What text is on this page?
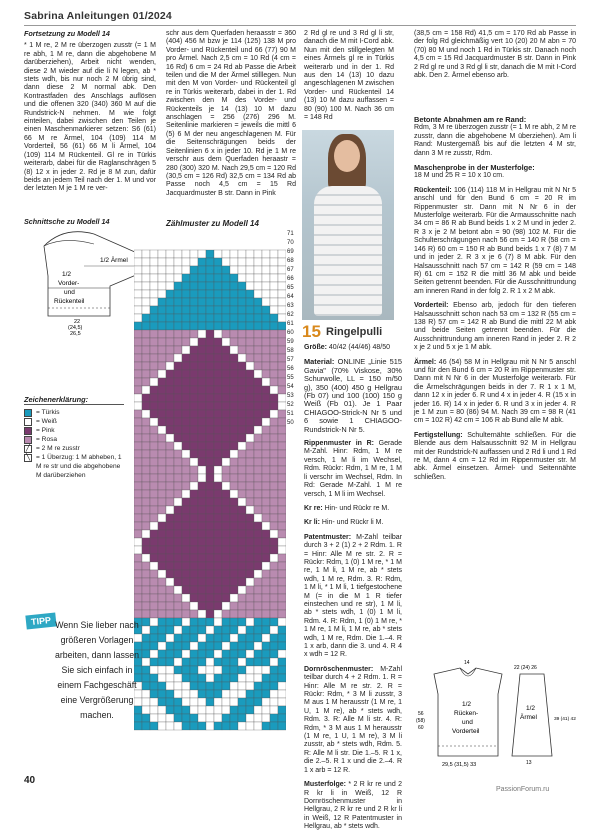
Sabrina Anleitungen 01/2024

Fortsetzung zu Modell 14

* 1 M re, 2 M re überzogen zusstr (= 1 M re abh, 1 M re, dann die abgehobene M darüberziehen), Arbeit nicht wenden, diese 2 M wieder auf die li N legen, ab * stets wdh, bis nur noch 2 M übrig sind, dann diese 2 M normal abk. Den Kontrastfaden des Anschlags auflösen und die offenen 320 (340) 360 M auf die Rundstrick-N nehmen. M wie folgt einteilen, dabei zwischen den Teilen je einen Maschenmarkierer setzen: S6 (61) 66 M re Ärmel, 104 (109) 114 M Vorderteil, 56 (61) 66 M li Ärmel, 104 (109) 114 M Rückenteil. Gl re in Türkis weiterarb, dabei für die Raglanschrägen 5 (8) 12 x in jeder 2. Rd je 8 M zun, dafür beids an jedem Teil nach der 1. M und vor der letzten M je 1 M re ver-

schr aus dem Querfaden heraasstr = 360 (404) 456 M bzw je 114 (125) 138 M pro Vorder- und Rückenteil und 66 (77) 90 M pro Ärmel. Nach 2,5 cm = 10 Rd (4 cm = 16 Rd) 6 cm = 24 Rd ab Passe die Arbeit teilen und die M der Ärmel stilllegen. Nun mit den M von Vorder- und Rückenteil gl re in Türkis weiterarb, dabei in der 1. Rd zwischen den M des Vorder- und Rückenteils je 14 (13) 10 M dazu anschlagen = 256 (276) 296 M. Seitenlinie markieren = jeweils die mittl 6 (5) 6 M der neu angeschlagenen M. Für die Seitenschrägungen beids der Seitenlinien 6 x in jeder 10. Rd je 1 M re verschr aus dem Querfaden heraastr = 280 (300) 320 M. Nach 29,5 cm = 120 Rd (30,5 cm = 126 Rd) 32,5 cm = 134 Rd ab Passe noch 4,5 cm = 15 Rd Jacquardmuster B str. Dann in Pink

2 Rd gl re und 3 Rd gl li str, danach die M mit I-Cord abk. Nun mit den stillgelegten M eines Ärmels gl re in Türkis weiterarb und in der 1. Rd aus den 14 (13) 10 dazu angeschlagenen M zwischen Vorder- und Rückenteil 14 (13) 10 M dazu auffassen = 80 (90) 100 M. Nach 36 cm = 148 Rd

(38,5 cm = 158 Rd) 41,5 cm = 170 Rd ab Passe in der folg Rd gleichmäßig vert 10 (20) 20 M abn = 70 (70) 80 M und noch 1 Rd in Türkis str. Danach noch 4,5 cm = 15 Rd Jacquardmuster B str. Dann in Pink 2 Rd gl re und 3 Rd gl li str, danach die M mit I-Cord abk. Den 2. Ärmel ebenso arb.

Schnittsche zu Modell 14
1/2
Vorder-
und
Rückenteil
1/2 Ärmel
22
(24,5)
26,5
Zeichenerklärung:
= Türkis
= Weiß
= Pink
= Rosa
╱ = 2 M re zusstr
╲ = 1 Überzug: 1 M abheben, 1 M re str und die abgehobene M darüberziehen
Zählmuster zu Modell 14
71
70
69
68
67
66
65
64
63
62
61
60
59
58
57
56
55
54
53
52
51
50
TIPP Wenn Sie lieber nach größeren Vorlagen arbeiten, dann lassen Sie sich einfach in einem Fachgeschäft eine Vergrößerung machen.
15 Ringelpulli

Größe: 40/42 (44/46) 48/50

Material: ONLINE „Linie 515 Gavia" (70% Viskose, 30% Schurwolle, LL = 150 m/50 g), 350 (400) 450 g Hellgrau (Fb 07) und 100 (100) 150 g Weiß (Fb 01). Je 1 Paar CHIAGOO-Strick-N Nr 5 und 6 sowie 1 CHIAGOO-Rundstrick-N Nr 5.

Rippenmuster in R: Gerade M-Zahl. Hinr: Rdm, 1 M re versch, 1 M li im Wechsel, Rdm. Rückr: Rdm, 1 M re, 1 M li verschr im Wechsel, Rdm. In Rd: Gerade M-Zahl. 1 M re versch, 1 M li im Wechsel.

Kr re: Hin- und Rückr re M.

Kr li: Hin- und Rückr li M.

Patentmuster: M-Zahl teilbar durch 3 + 2 (1) 2 + 2 Rdm. 1. R = Hinr: Alle M re str. 2. R = Rückr: Rdm, 1 (0) 1 M re, * 1 M re, 1 M li, 1 M re, ab * stets wdh, 1 M re, Rdm. 3. R: Rdm, 1 M li, * 1 M li, 1 tiefgestochene M (= in die M 1 R tiefer einstechen und re str), 1 M li, ab * stets wdh, 1 (0) 1 M li, Rdm. 4. R: Rdm, 1 (0) 1 M re, * 1 M re, 1 M li, 1 M re, ab * stets wdh, 1 M re, Rdm. Die 1.–4. R 1 x arb, dann die 3. und 4. R 4 x wdh = 12 R.

Dornröschenmuster: M-Zahl teilbar durch 4 + 2 Rdm. 1. R = Hinr: Alle M re str. 2. R = Rückr: Rdm, * 3 M li zusstr, 3 M aus 1 M herausstr (1 M re, 1 U, 1 M re), ab * stets wdh, Rdm. 3. R: Alle M li str. 4. R: Rdm, * 3 M aus 1 M herausstr (1 M re, 1 U, 1 M re), 3 M li zusstr, ab * stets wdh, Rdm. 5. R: Alle M li str. Die 1.–5. R 1 x, die 2.–5. R 1 x und die 2.–4. R 1 x arb = 12 R.

Musterfolge: * 2 R kr re und 2 R kr li in Weiß, 12 R Dornröschenmuster in Hellgrau, 2 R kr re und 2 R kr li in Weiß, 12 R Patentmuster in Hellgrau, ab * stets wdh.

Betonte Abnahmen am re Rand:

Rdm, 3 M re überzogen zusstr (= 1 M re abh, 2 M re zusstr, dann die abgehobene M überziehen). Am li Rand: Mustergemäß bis auf die letzten 4 M str, dann 3 M re zusstr, Rdm.

Maschenprobe in der Musterfolge:

18 M und 25 R = 10 x 10 cm.

Rückenteil: 106 (114) 118 M in Hellgrau mit N Nr 5 anschl und für den Bund 6 cm = 20 R im Rippenmuster str. Dann mit N Nr 6 in der Musterfolge weiterarb. Für die Armausschnitte nach 34 cm = 86 R ab Bund beids 1 x 2 M und in jeder 2. R 3 x je 2 M betont abn = 90 (98) 102 M. Für die Schulterschrägungen nach 56 cm = 140 R (58 cm = 146 R) 60 cm = 150 R ab Bund beids 1 x 7 (8) 7 M und in jeder 2. R 3 x je 6 (7) 8 M abk. Für den Halsausschnitt nach 57 cm = 142 R (59 cm = 148 R) 61 cm = 152 R die mittl 36 M abk und beide Seiten getrennt beenden. Für die Ausschnittrundung am inneren Rand in der folg 2. R 1 x 2 M abk.

Vorderteil: Ebenso arb, jedoch für den tieferen Halsausschnitt schon nach 53 cm = 132 R (55 cm = 138 R) 57 cm = 142 R ab Bund die mittl 22 M abk und beide Seiten getrennt beenden. Für die Ausschnittrundung am inneren Rand in jeder 2. R 2 x je 2 und 5 x je 1 M abk.

Ärmel: 46 (54) 58 M in Hellgrau mit N Nr 5 anschl und für den Bund 6 cm = 20 R im Rippenmuster str. Dann mit N Nr 6 in der Musterfolge weiterarb. Für die Ärmelschrägungen beids in der 7. R 1 x 1 M, dann 12 x in jeder 6. R und 4 x in jeder 4. R (15 x in jeder 16. R) 14 x in jeder 6. R und 3 x in jeder 4. R je 1 M zun = 80 (86) 94 M. Nach 39 cm = 98 R (41 cm = 102 R) 42 cm = 106 R ab Bund alle M abk.

Fertigstellung: Schulternähte schließen. Für die Blende aus dem Halsausschnitt 92 M in Hellgrau mit der Rundstrick-N auffassen und 2 Rd li und 1 Rd re M, dann 4 cm = 12 Rd im Rippenmuster str. M abk. Ärmel einsetzen. Ärmel- und Seitennähte schließen.

1/2
Rücken-
und
Vorderteil
29,5 (31,5) 33
14
56
(58)
60
1/2
Ärmel
22 (24) 26
39 (41) 42
13
40
PassionForum.ru
